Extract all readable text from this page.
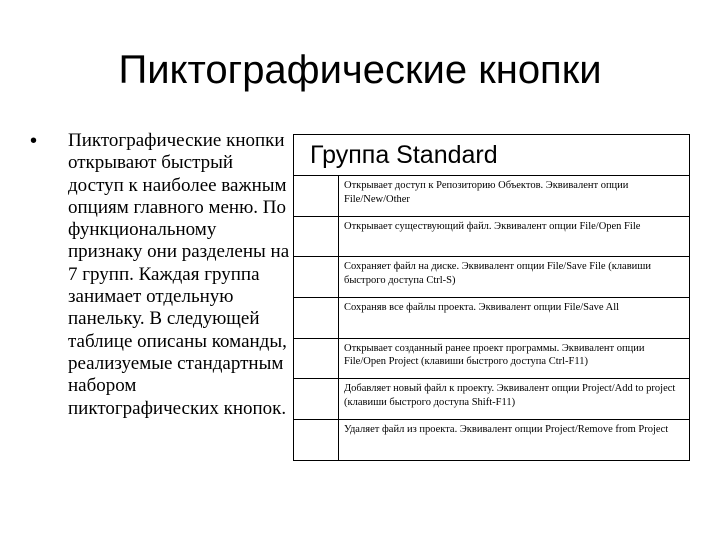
Пиктографические кнопки
• Пиктографические кнопки открывают быстрый доступ к наиболее важным опциям главного меню. По функциональному признаку они разделены на 7 групп. Каждая группа занимает отдельную панельку. В следующей таблице описаны команды, реализуемые стандартным набором пиктографических кнопок.
Группа Standard	
	Открывает доступ к Репозиторию Объектов. Эквивалент опции File/New/Other
	Открывает существующий файл. Эквивалент опции File/Open File
	Сохраняет файл на диске. Эквивалент опции File/Save File (клавиши быстрого доступа Ctrl-S)
	Сохраняв все файлы проекта. Эквивалент опции File/Save All
	Открывает созданный ранее проект программы. Эквивалент опции File/Open Project (клавиши быстрого доступа Ctrl-F11)
	Добавляет новый файл к проекту. Эквивалент опции Project/Add to project (клавиши быстрого доступа Shift-F11)
	Удаляет файл из проекта. Эквивалент опции Project/Remove from Project
